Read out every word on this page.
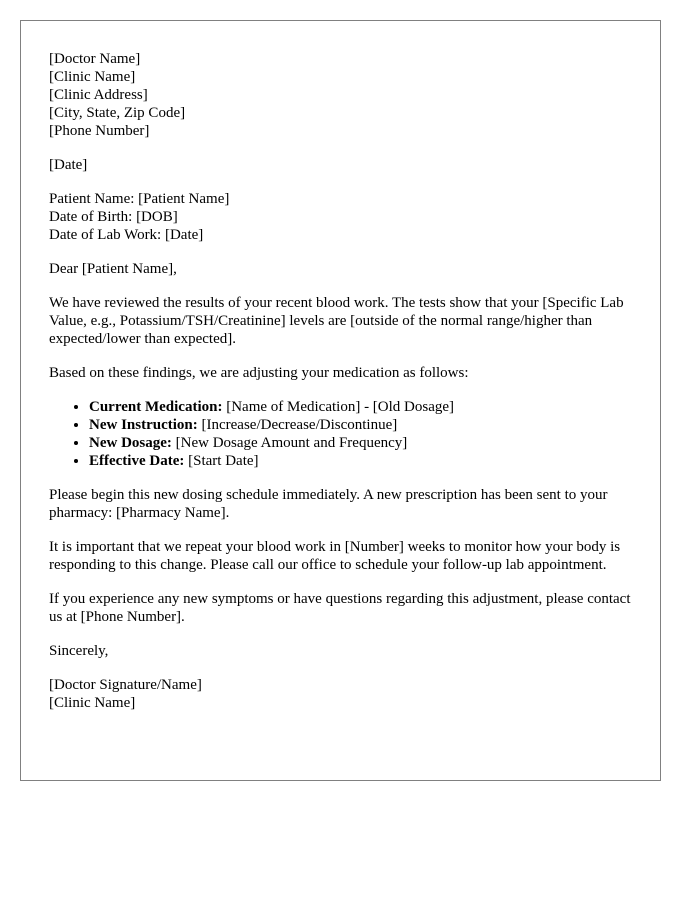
[Doctor Name]
[Clinic Name]
[Clinic Address]
[City, State, Zip Code]
[Phone Number]
[Date]
Patient Name: [Patient Name]
Date of Birth: [DOB]
Date of Lab Work: [Date]
Dear [Patient Name],

We have reviewed the results of your recent blood work. The tests show that your [Specific Lab Value, e.g., Potassium/TSH/Creatinine] levels are [outside of the normal range/higher than expected/lower than expected].

Based on these findings, we are adjusting your medication as follows:

• Current Medication: [Name of Medication] - [Old Dosage]
• New Instruction: [Increase/Decrease/Discontinue]
• New Dosage: [New Dosage Amount and Frequency]
• Effective Date: [Start Date]

Please begin this new dosing schedule immediately. A new prescription has been sent to your pharmacy: [Pharmacy Name].

It is important that we repeat your blood work in [Number] weeks to monitor how your body is responding to this change. Please call our office to schedule your follow-up lab appointment.

If you experience any new symptoms or have questions regarding this adjustment, please contact us at [Phone Number].

Sincerely,
[Doctor Signature/Name]
[Clinic Name]
